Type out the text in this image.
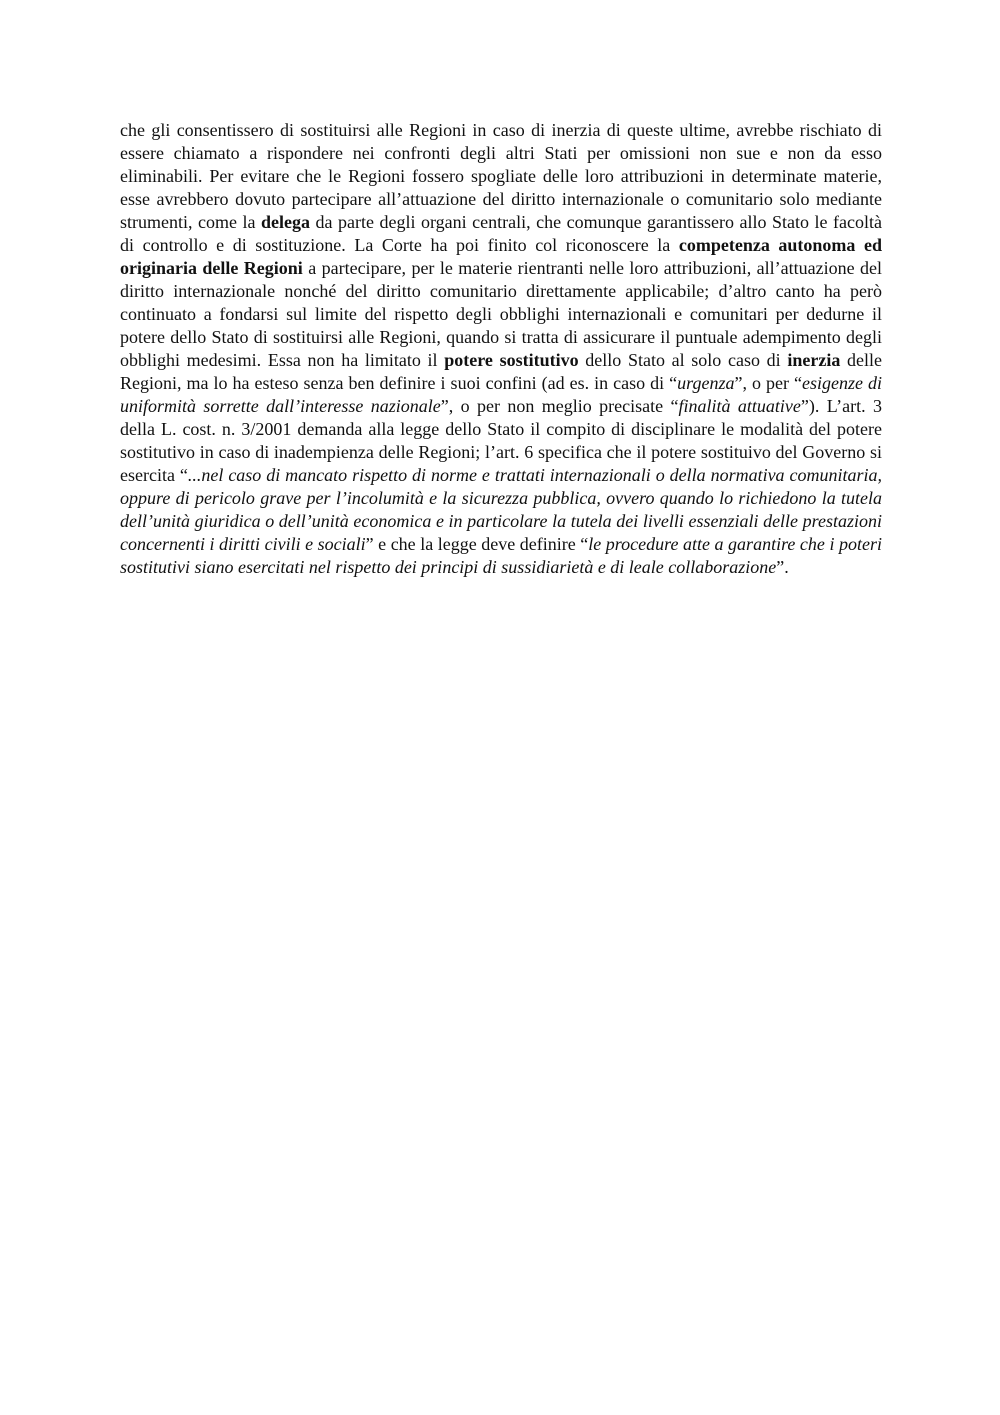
che gli consentissero di sostituirsi alle Regioni in caso di inerzia di queste ultime, avrebbe rischiato di essere chiamato a rispondere nei confronti degli altri Stati per omissioni non sue e non da esso eliminabili. Per evitare che le Regioni fossero spogliate delle loro attribuzioni in determinate materie, esse avrebbero dovuto partecipare all’attuazione del diritto internazionale o comunitario solo mediante strumenti, come la delega da parte degli organi centrali, che comunque garantissero allo Stato le facoltà di controllo e di sostituzione. La Corte ha poi finito col riconoscere la competenza autonoma ed originaria delle Regioni a partecipare, per le materie rientranti nelle loro attribuzioni, all’attuazione del diritto internazionale nonché del diritto comunitario direttamente applicabile; d’altro canto ha però continuato a fondarsi sul limite del rispetto degli obblighi internazionali e comunitari per dedurne il potere dello Stato di sostituirsi alle Regioni, quando si tratta di assicurare il puntuale adempimento degli obblighi medesimi. Essa non ha limitato il potere sostitutivo dello Stato al solo caso di inerzia delle Regioni, ma lo ha esteso senza ben definire i suoi confini (ad es. in caso di “urgenza”, o per “esigenze di uniformità sorrette dall’interesse nazionale”, o per non meglio precisate “finalità attuative”). L’art. 3 della L. cost. n. 3/2001 demanda alla legge dello Stato il compito di disciplinare le modalità del potere sostitutivo in caso di inadempienza delle Regioni; l’art. 6 specifica che il potere sostituivo del Governo si esercita “...nel caso di mancato rispetto di norme e trattati internazionali o della normativa comunitaria, oppure di pericolo grave per l’incolumità e la sicurezza pubblica, ovvero quando lo richiedono la tutela dell’unità giuridica o dell’unità economica e in particolare la tutela dei livelli essenziali delle prestazioni concernenti i diritti civili e sociali” e che la legge deve definire “le procedure atte a garantire che i poteri sostitutivi siano esercitati nel rispetto dei principi di sussidiarietà e di leale collaborazione”.
